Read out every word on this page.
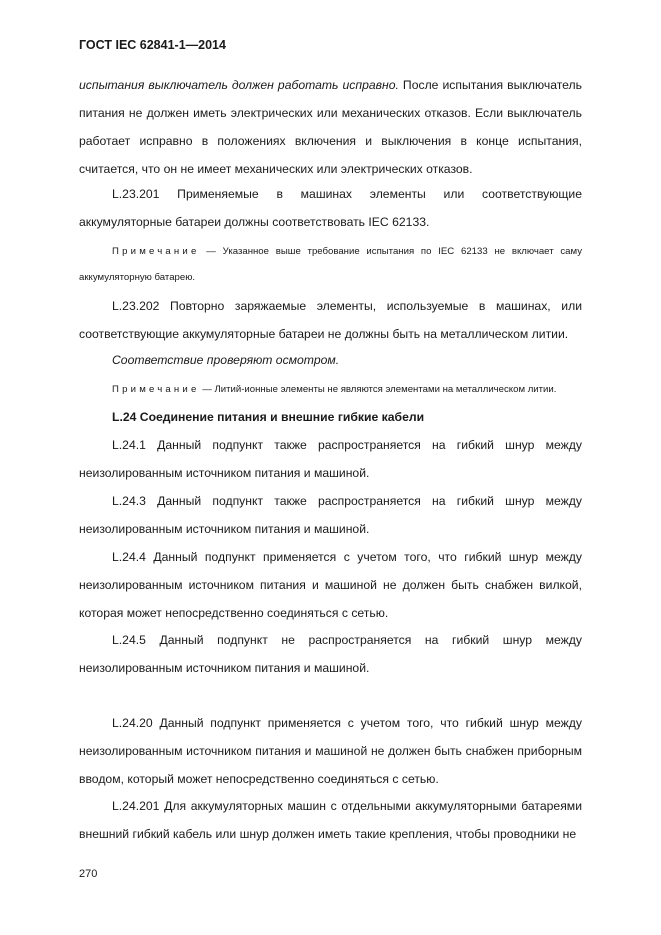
ГОСТ IEC 62841-1—2014
испытания выключатель должен работать исправно. После испытания выключатель питания не должен иметь электрических или механических отказов. Если выключатель работает исправно в положениях включения и выключения в конце испытания, считается, что он не имеет механических или электрических отказов.
L.23.201 Применяемые в машинах элементы или соответствующие аккумуляторные батареи должны соответствовать IEC 62133.
Примечание — Указанное выше требование испытания по IEC 62133 не включает саму аккумуляторную батарею.
L.23.202 Повторно заряжаемые элементы, используемые в машинах, или соответствующие аккумуляторные батареи не должны быть на металлическом литии.
Соответствие проверяют осмотром.
Примечание — Литий-ионные элементы не являются элементами на металлическом литии.
L.24 Соединение питания и внешние гибкие кабели
L.24.1 Данный подпункт также распространяется на гибкий шнур между неизолированным источником питания и машиной.
L.24.3 Данный подпункт также распространяется на гибкий шнур между неизолированным источником питания и машиной.
L.24.4 Данный подпункт применяется с учетом того, что гибкий шнур между неизолированным источником питания и машиной не должен быть снабжен вилкой, которая может непосредственно соединяться с сетью.
L.24.5 Данный подпункт не распространяется на гибкий шнур между неизолированным источником питания и машиной.
L.24.20 Данный подпункт применяется с учетом того, что гибкий шнур между неизолированным источником питания и машиной не должен быть снабжен приборным вводом, который может непосредственно соединяться с сетью.
L.24.201 Для аккумуляторных машин с отдельными аккумуляторными батареями внешний гибкий кабель или шнур должен иметь такие крепления, чтобы проводники не
270
